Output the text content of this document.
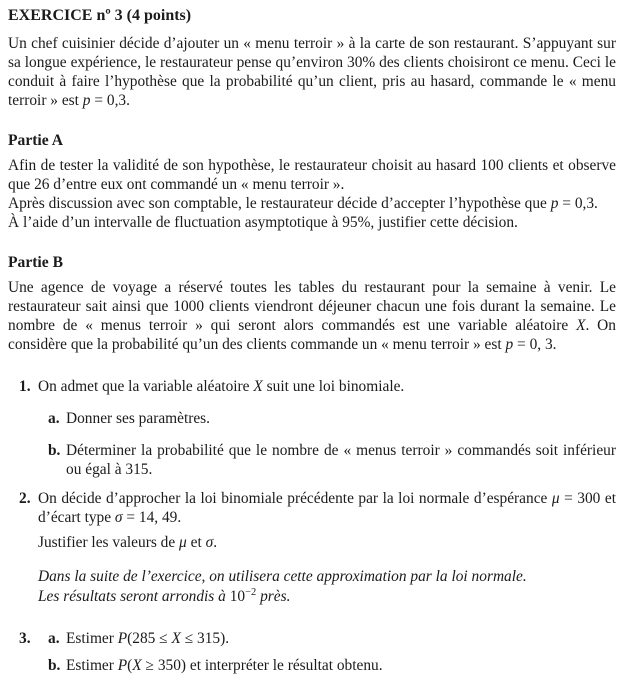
EXERCICE nº 3 (4 points)

Un chef cuisinier décide d’ajouter un « menu terroir » à la carte de son restaurant. S’appuyant sur sa longue expérience, le restaurateur pense qu’environ 30% des clients choisiront ce menu. Ceci le conduit à faire l’hypothèse que la probabilité qu’un client, pris au hasard, commande le « menu terroir » est p = 0,3.

Partie A

Afin de tester la validité de son hypothèse, le restaurateur choisit au hasard 100 clients et observe que 26 d’entre eux ont commandé un « menu terroir ».

Après discussion avec son comptable, le restaurateur décide d’accepter l’hypothèse que p = 0,3.

À l’aide d’un intervalle de fluctuation asymptotique à 95%, justifier cette décision.

Partie B

Une agence de voyage a réservé toutes les tables du restaurant pour la semaine à venir. Le restaurateur sait ainsi que 1000 clients viendront déjeuner chacun une fois durant la semaine. Le nombre de « menus terroir » qui seront alors commandés est une variable aléatoire X. On considère que la probabilité qu’un des clients commande un « menu terroir » est p = 0, 3.

1. On admet que la variable aléatoire X suit une loi binomiale.

a. Donner ses paramètres.

b. Déterminer la probabilité que le nombre de « menus terroir » commandés soit inférieur ou égal à 315.

2. On décide d’approcher la loi binomiale précédente par la loi normale d’espérance μ = 300 et d’écart type σ = 14, 49.

Justifier les valeurs de μ et σ.

Dans la suite de l’exercice, on utilisera cette approximation par la loi normale.
Les résultats seront arrondis à $10^{-2}$ près.
3. a. Estimer P(285 ≤ X ≤ 315).

b. Estimer P(X ≥ 350) et interpréter le résultat obtenu.
